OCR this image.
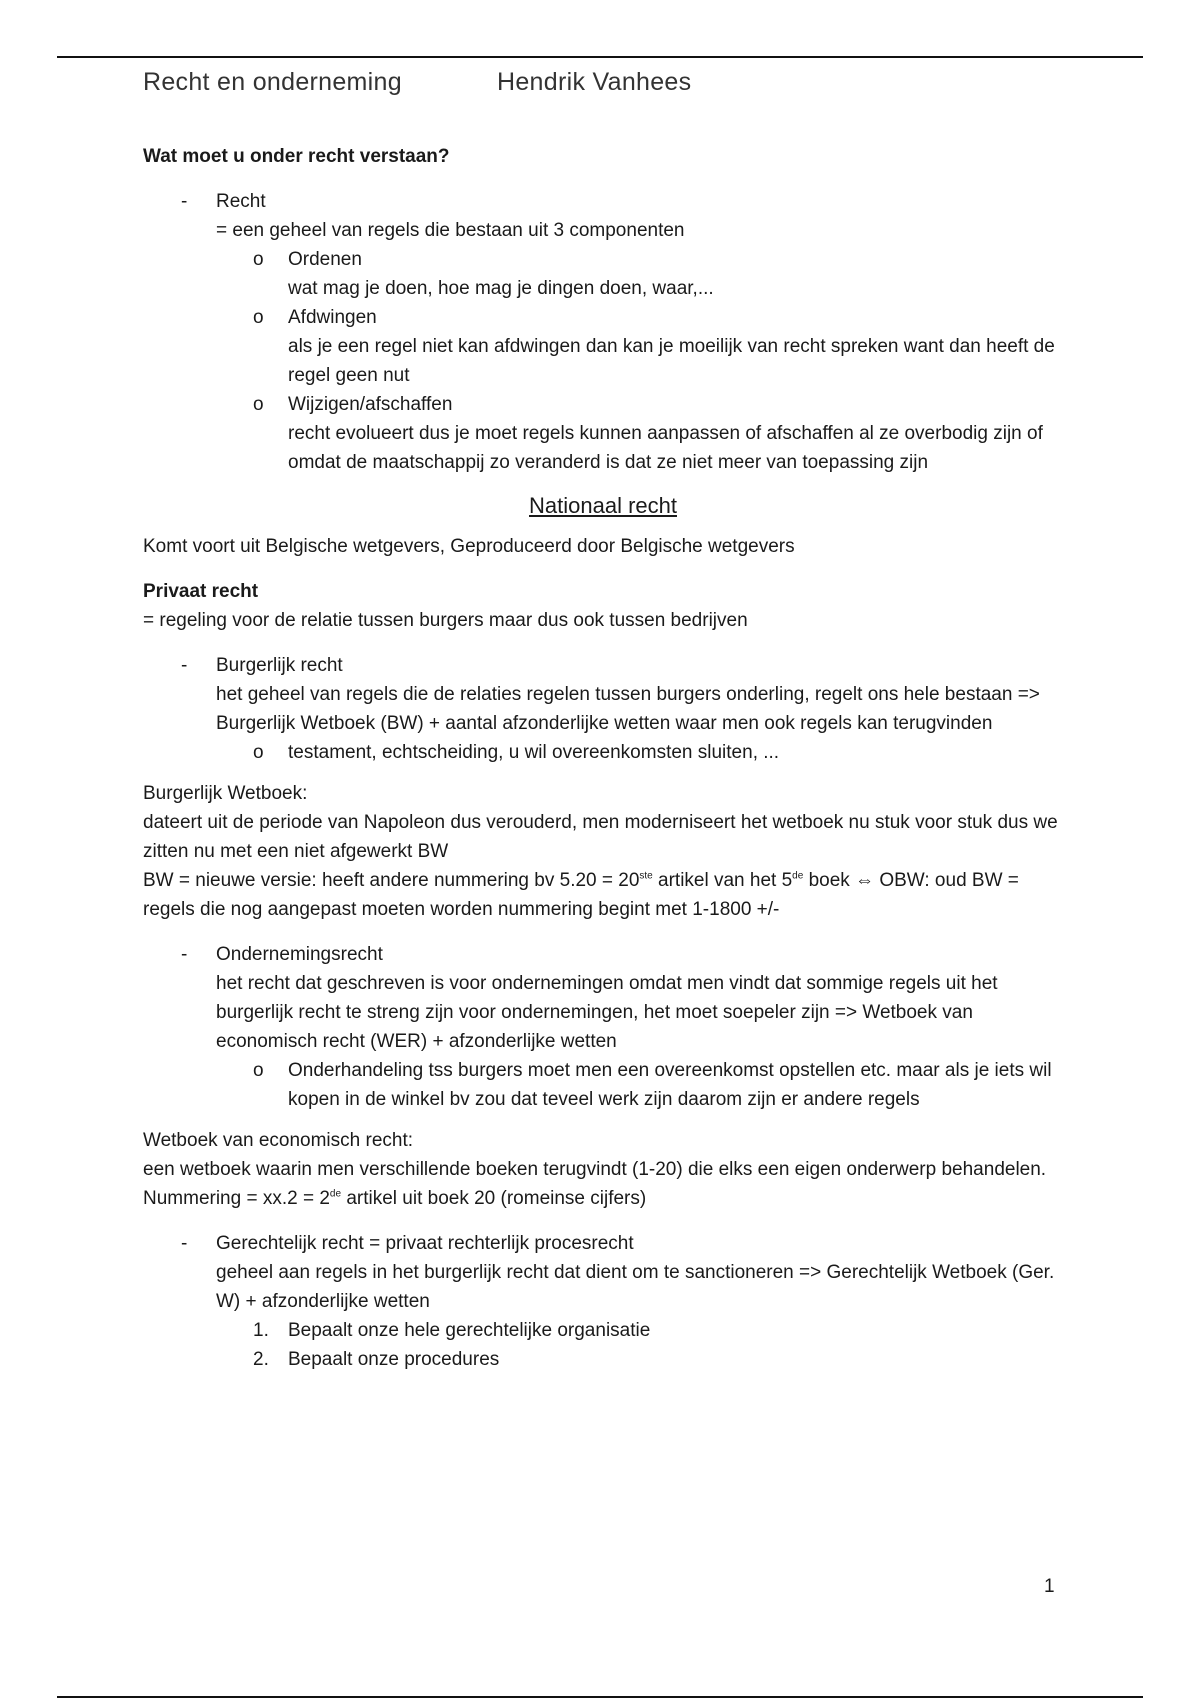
Recht en onderneming	Hendrik Vanhees

Wat moet u onder recht verstaan?

- Recht

= een geheel van regels die bestaan uit 3 componenten

o Ordenen

wat mag je doen, hoe mag je dingen doen, waar,...

o Afdwingen

als je een regel niet kan afdwingen dan kan je moeilijk van recht spreken want dan heeft de regel geen nut

o Wijzigen/afschaffen

recht evolueert dus je moet regels kunnen aanpassen of afschaffen al ze overbodig zijn of omdat de maatschappij zo veranderd is dat ze niet meer van toepassing zijn

Nationaal recht

Komt voort uit Belgische wetgevers, Geproduceerd door Belgische wetgevers

Privaat recht

= regeling voor de relatie tussen burgers maar dus ook tussen bedrijven

- Burgerlijk recht

het geheel van regels die de relaties regelen tussen burgers onderling, regelt ons hele bestaan => Burgerlijk Wetboek (BW) + aantal afzonderlijke wetten waar men ook regels kan terugvinden

o testament, echtscheiding, u wil overeenkomsten sluiten, ...

Burgerlijk Wetboek:

dateert uit de periode van Napoleon dus verouderd, men moderniseert het wetboek nu stuk voor stuk dus we zitten nu met een niet afgewerkt BW

BW = nieuwe versie: heeft andere nummering bv 5.20 = 20ste artikel van het 5de boek ⇔ OBW: oud BW = regels die nog aangepast moeten worden nummering begint met 1-1800 +/-

- Ondernemingsrecht

het recht dat geschreven is voor ondernemingen omdat men vindt dat sommige regels uit het burgerlijk recht te streng zijn voor ondernemingen, het moet soepeler zijn => Wetboek van economisch recht (WER) + afzonderlijke wetten

o Onderhandeling tss burgers moet men een overeenkomst opstellen etc. maar als je iets wil kopen in de winkel bv zou dat teveel werk zijn daarom zijn er andere regels

Wetboek van economisch recht:

een wetboek waarin men verschillende boeken terugvindt (1-20) die elks een eigen onderwerp behandelen. Nummering = xx.2 = 2de artikel uit boek 20 (romeinse cijfers)

- Gerechtelijk recht = privaat rechterlijk procesrecht

geheel aan regels in het burgerlijk recht dat dient om te sanctioneren => Gerechtelijk Wetboek (Ger. W) + afzonderlijke wetten

1. Bepaalt onze hele gerechtelijke organisatie

2. Bepaalt onze procedures

1
